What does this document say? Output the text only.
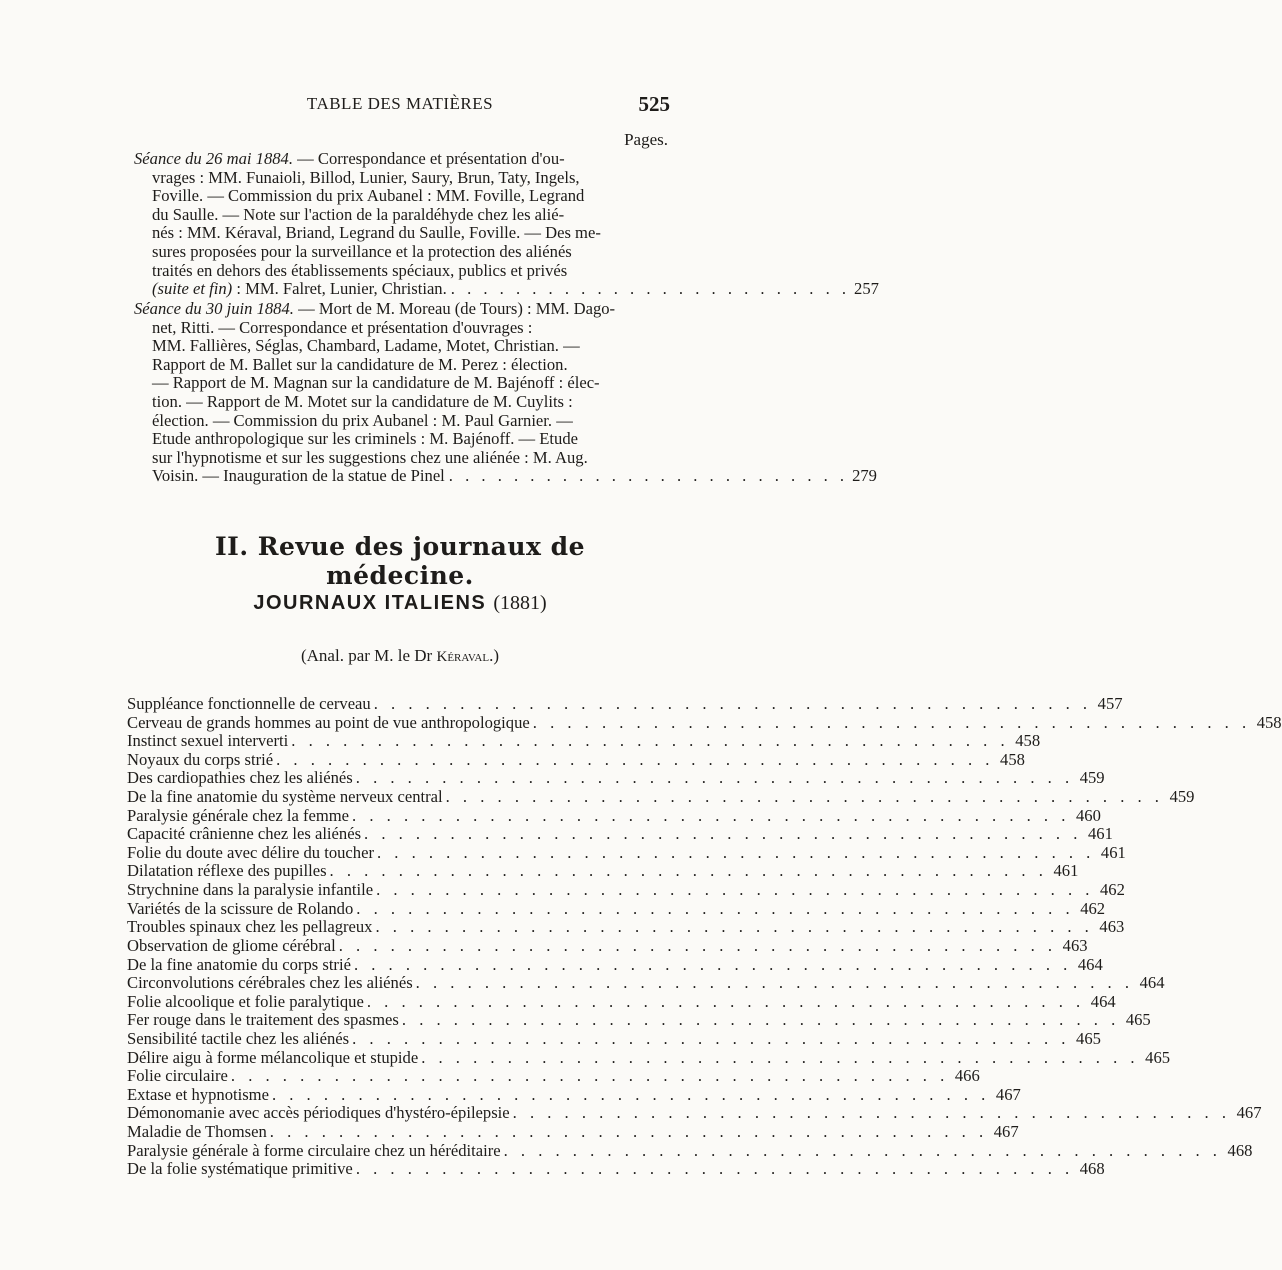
TABLE DES MATIÈRES	525
Pages.

Séance du 26 mai 1884. — Correspondance et présentation d'ou-

vrages : MM. Funaioli, Billod, Lunier, Saury, Brun, Taty, Ingels,

Foville. — Commission du prix Aubanel : MM. Foville, Legrand

du Saulle. — Note sur l'action de la paraldéhyde chez les alié-

nés : MM. Kéraval, Briand, Legrand du Saulle, Foville. — Des me-

sures proposées pour la surveillance et la protection des aliénés

traités en dehors des établissements spéciaux, publics et privés

(suite et fin) : MM. Falret, Lunier, Christian. . . . . . . . . . . . . . . . . . . . . . . . . . 257

Séance du 30 juin 1884. — Mort de M. Moreau (de Tours) : MM. Dago-

net, Ritti. — Correspondance et présentation d'ouvrages :

MM. Fallières, Séglas, Chambard, Ladame, Motet, Christian. —

Rapport de M. Ballet sur la candidature de M. Perez : élection.

— Rapport de M. Magnan sur la candidature de M. Bajénoff : élec-

tion. — Rapport de M. Motet sur la candidature de M. Cuylits :

élection. — Commission du prix Aubanel : M. Paul Garnier. —

Etude anthropologique sur les criminels : M. Bajénoff. — Etude

sur l'hypnotisme et sur les suggestions chez une aliénée : M. Aug.

Voisin. — Inauguration de la statue de Pinel . . . . . . . . . . . . . . . . . . . . . . . . . 279
II. Revue des journaux de médecine.
JOURNAUX ITALIENS (1881)
(Anal. par M. le Dr Kéraval.)
Suppléance fonctionnelle de cerveau . . . . . . . . . . . . . . . . . . . . . . . . . . . . . . . . . . . . . . . . . . 457
Cerveau de grands hommes au point de vue anthropologique . . . . . . . . . . . . . . . . . . . . . . . . . . . . . . . . . . . . . . . . . . 458
Instinct sexuel interverti . . . . . . . . . . . . . . . . . . . . . . . . . . . . . . . . . . . . . . . . . . 458
Noyaux du corps strié . . . . . . . . . . . . . . . . . . . . . . . . . . . . . . . . . . . . . . . . . . 458
Des cardiopathies chez les aliénés . . . . . . . . . . . . . . . . . . . . . . . . . . . . . . . . . . . . . . . . . . 459
De la fine anatomie du système nerveux central . . . . . . . . . . . . . . . . . . . . . . . . . . . . . . . . . . . . . . . . . . 459
Paralysie générale chez la femme . . . . . . . . . . . . . . . . . . . . . . . . . . . . . . . . . . . . . . . . . . 460
Capacité crânienne chez les aliénés . . . . . . . . . . . . . . . . . . . . . . . . . . . . . . . . . . . . . . . . . . 461
Folie du doute avec délire du toucher . . . . . . . . . . . . . . . . . . . . . . . . . . . . . . . . . . . . . . . . . . 461
Dilatation réflexe des pupilles . . . . . . . . . . . . . . . . . . . . . . . . . . . . . . . . . . . . . . . . . . 461
Strychnine dans la paralysie infantile . . . . . . . . . . . . . . . . . . . . . . . . . . . . . . . . . . . . . . . . . . 462
Variétés de la scissure de Rolando . . . . . . . . . . . . . . . . . . . . . . . . . . . . . . . . . . . . . . . . . . 462
Troubles spinaux chez les pellagreux . . . . . . . . . . . . . . . . . . . . . . . . . . . . . . . . . . . . . . . . . . 463
Observation de gliome cérébral . . . . . . . . . . . . . . . . . . . . . . . . . . . . . . . . . . . . . . . . . . 463
De la fine anatomie du corps strié . . . . . . . . . . . . . . . . . . . . . . . . . . . . . . . . . . . . . . . . . . 464
Circonvolutions cérébrales chez les aliénés . . . . . . . . . . . . . . . . . . . . . . . . . . . . . . . . . . . . . . . . . . 464
Folie alcoolique et folie paralytique . . . . . . . . . . . . . . . . . . . . . . . . . . . . . . . . . . . . . . . . . . 464
Fer rouge dans le traitement des spasmes . . . . . . . . . . . . . . . . . . . . . . . . . . . . . . . . . . . . . . . . . . 465
Sensibilité tactile chez les aliénés . . . . . . . . . . . . . . . . . . . . . . . . . . . . . . . . . . . . . . . . . . 465
Délire aigu à forme mélancolique et stupide . . . . . . . . . . . . . . . . . . . . . . . . . . . . . . . . . . . . . . . . . . 465
Folie circulaire . . . . . . . . . . . . . . . . . . . . . . . . . . . . . . . . . . . . . . . . . . 466
Extase et hypnotisme . . . . . . . . . . . . . . . . . . . . . . . . . . . . . . . . . . . . . . . . . . 467
Démonomanie avec accès périodiques d'hystéro-épilepsie . . . . . . . . . . . . . . . . . . . . . . . . . . . . . . . . . . . . . . . . . . 467
Maladie de Thomsen . . . . . . . . . . . . . . . . . . . . . . . . . . . . . . . . . . . . . . . . . . 467
Paralysie générale à forme circulaire chez un héréditaire . . . . . . . . . . . . . . . . . . . . . . . . . . . . . . . . . . . . . . . . . . 468
De la folie systématique primitive . . . . . . . . . . . . . . . . . . . . . . . . . . . . . . . . . . . . . . . . . . 468
